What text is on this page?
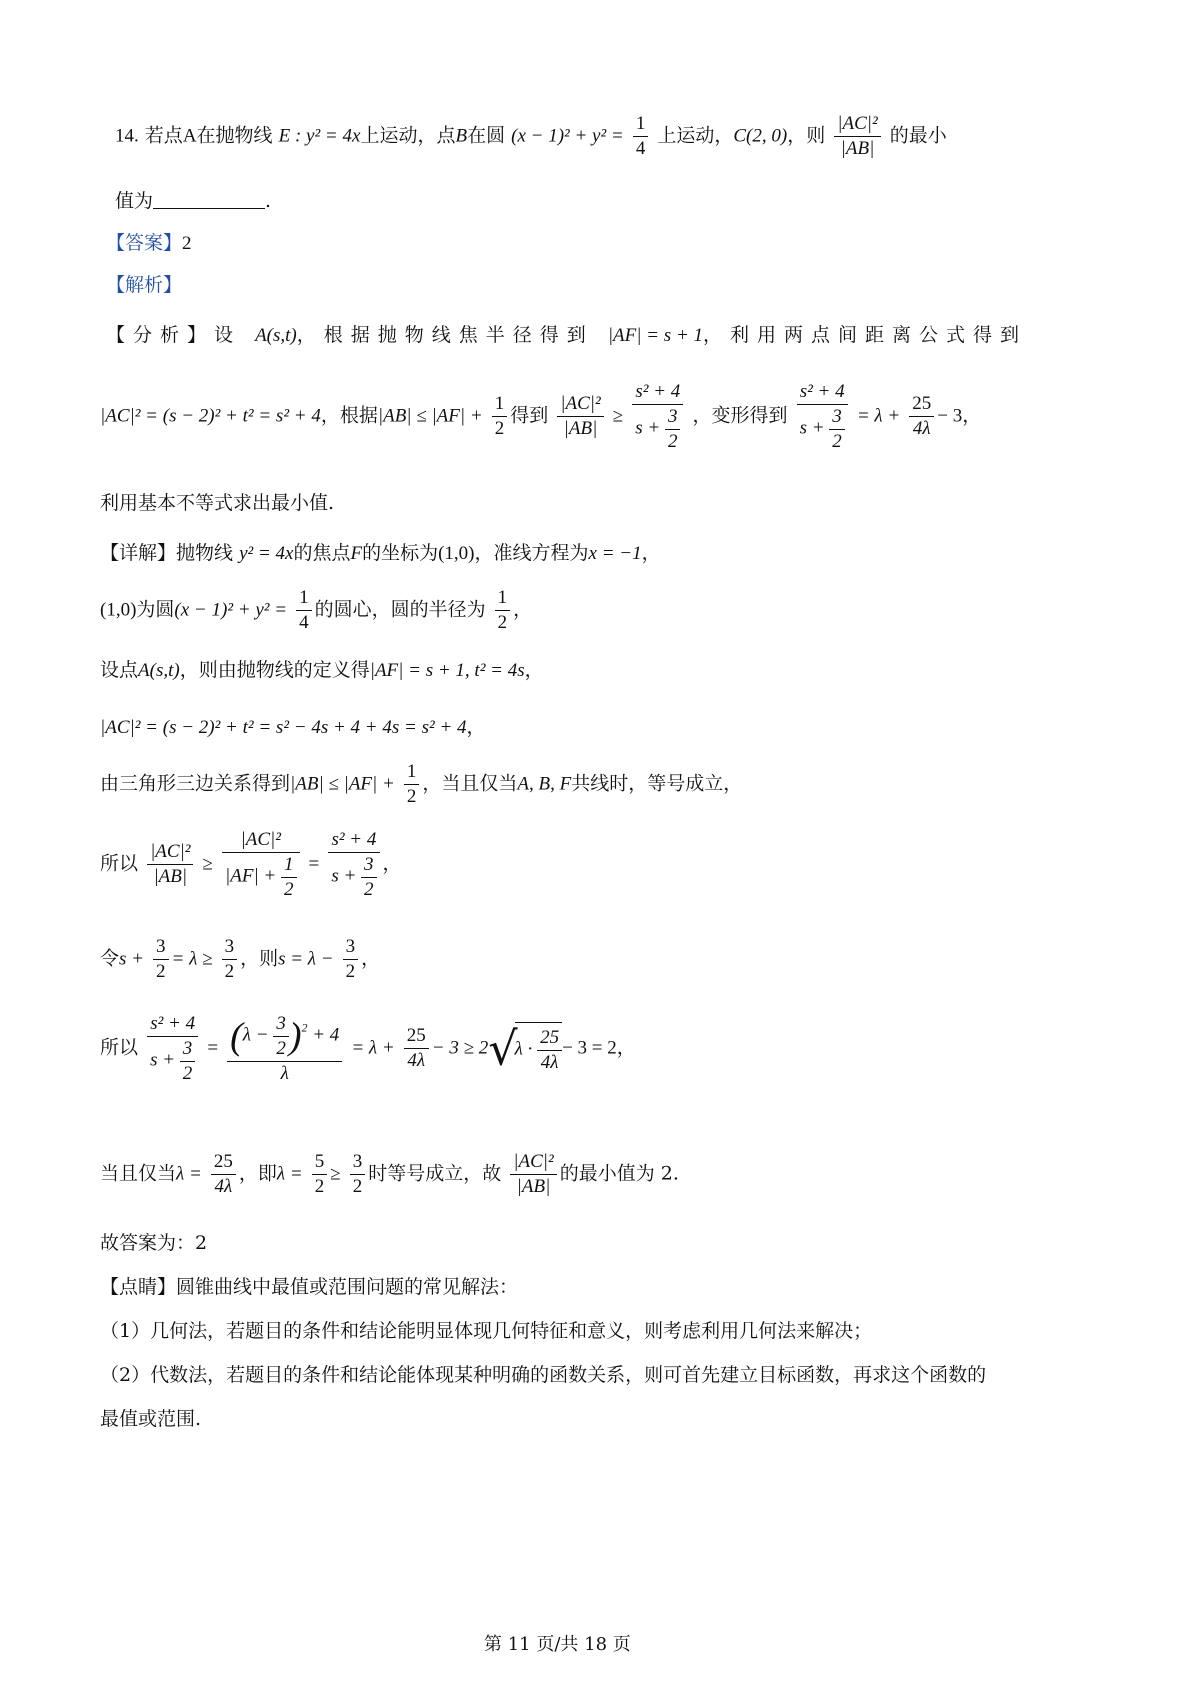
14. 若点A在抛物线 E : y² = 4x上运动，点B在圆 $(x - 1)^2 + y^2 = \frac{1}{4}$ 上运动，C(2, 0)，则 $\frac{\text{|AC|²}}{|AB|}$ 的最小
值为	.
【答案】2
【解析】
【分析】设 A(s,t)，根据抛物线焦半径得到 |AF| = s + 1，利用两点间距离公式得到
|AC|² = (s − 2)² + t² = s² + 4，根据$|AB| \le |AF| + \frac{1}{2}$ 得到 $\frac{\text{|AC|²}}{|AB|} \ge \frac{\text{s² + 4}}{s + \frac{3}{2}}$ ，变形得到 $\frac{\text{s² + 4}}{s + \frac{3}{2}} = \lambda + \frac{25}{4\lambda} - 3$，
利用基本不等式求出最小值.
【详解】抛物线 y² = 4x的焦点F的坐标为(1,0)，准线方程为x = −1，
(1,0)为圆$(x - 1)^2 + y^2 = \frac{1}{4}$ 的圆心，圆的半径为 $\frac{1}{2}$ ，
设点A(s,t)，则由抛物线的定义得|AF| = s + 1, t² = 4s，
|AC|² = (s − 2)² + t² = s² − 4s + 4 + 4s = s² + 4，
由三角形三边关系得到$|AB| \le |AF| + \frac{1}{2}$ ，当且仅当A, B, F共线时，等号成立，
所以 $\frac{\text{|AC|²}}{|AB|} \ge \frac{\text{|AC|²}}{|AF| + \frac{1}{2}} = \frac{\text{s² + 4}}{s + \frac{3}{2}}$ ，
令$s + \frac{3}{2} = \lambda \ge \frac{3}{2}$ ，则$s = \lambda - \frac{3}{2}$ ，
所以 $\frac{\text{s² + 4}}{s + \frac{3}{2}} = \frac{(\lambda - \frac{3}{2} )^2 + 4}{\lambda} = \lambda + \frac{25}{4\lambda} - 3 \ge 2√\lambda \cdot \frac{25}{4\lambda} - 3 = 2$，
当且仅当$\lambda = \frac{25}{4\lambda}$ ，即$\lambda = \frac{5}{2} \ge \frac{3}{2}$ 时等号成立，故 $\frac{\text{|AC|²}}{|AB|}$ 的最小值为 2.
故答案为：2
【点睛】圆锥曲线中最值或范围问题的常见解法：
（1）几何法，若题目的条件和结论能明显体现几何特征和意义，则考虑利用几何法来解决；
（2）代数法，若题目的条件和结论能体现某种明确的函数关系，则可首先建立目标函数，再求这个函数的
最值或范围.
第 11 页/共 18 页
